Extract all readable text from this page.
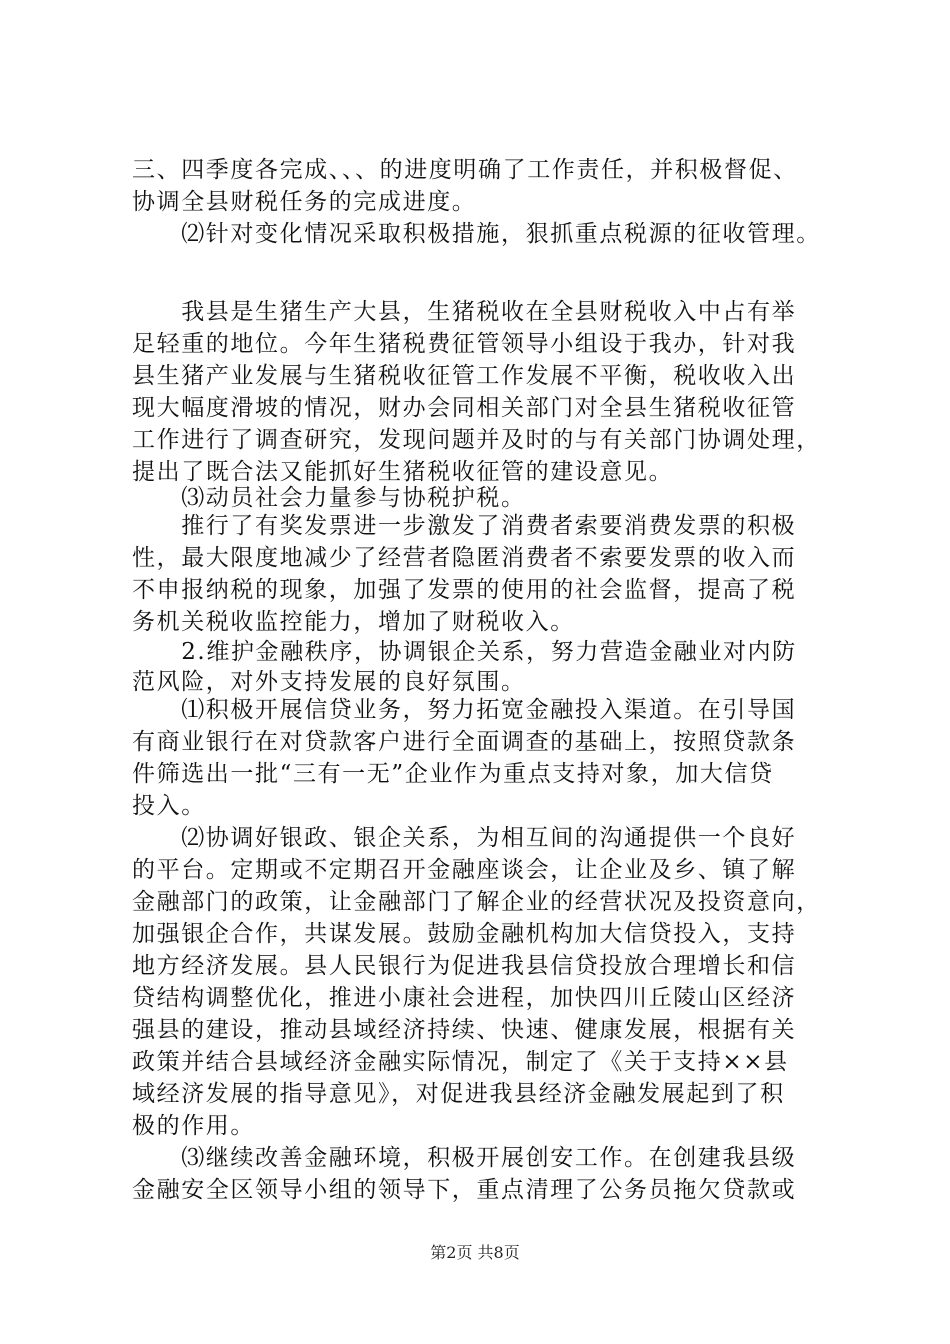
三、四季度各完成、、、的进度明确了工作责任，并积极督促、
协调全县财税任务的完成进度。
　　⑵针对变化情况采取积极措施，狠抓重点税源的征收管理。
　　我县是生猪生产大县，生猪税收在全县财税收入中占有举
足轻重的地位。今年生猪税费征管领导小组设于我办，针对我
县生猪产业发展与生猪税收征管工作发展不平衡，税收收入出
现大幅度滑坡的情况，财办会同相关部门对全县生猪税收征管
工作进行了调查研究，发现问题并及时的与有关部门协调处理，
提出了既合法又能抓好生猪税收征管的建设意见。
　　⑶动员社会力量参与协税护税。
　　推行了有奖发票进一步激发了消费者索要消费发票的积极
性，最大限度地减少了经营者隐匿消费者不索要发票的收入而
不申报纳税的现象，加强了发票的使用的社会监督，提高了税
务机关税收监控能力，增加了财税收入。
　　2.维护金融秩序，协调银企关系，努力营造金融业对内防
范风险，对外支持发展的良好氛围。
　　⑴积极开展信贷业务，努力拓宽金融投入渠道。在引导国
有商业银行在对贷款客户进行全面调查的基础上，按照贷款条
件筛选出一批“三有一无”企业作为重点支持对象，加大信贷
投入。
　　⑵协调好银政、银企关系，为相互间的沟通提供一个良好
的平台。定期或不定期召开金融座谈会，让企业及乡、镇了解
金融部门的政策，让金融部门了解企业的经营状况及投资意向，
加强银企合作，共谋发展。鼓励金融机构加大信贷投入，支持
地方经济发展。县人民银行为促进我县信贷投放合理增长和信
贷结构调整优化，推进小康社会进程，加快四川丘陵山区经济
强县的建设，推动县域经济持续、快速、健康发展，根据有关
政策并结合县域经济金融实际情况，制定了《关于支持××县
域经济发展的指导意见》，对促进我县经济金融发展起到了积
极的作用。
　　⑶继续改善金融环境，积极开展创安工作。在创建我县级
金融安全区领导小组的领导下，重点清理了公务员拖欠贷款或
第2页 共8页
